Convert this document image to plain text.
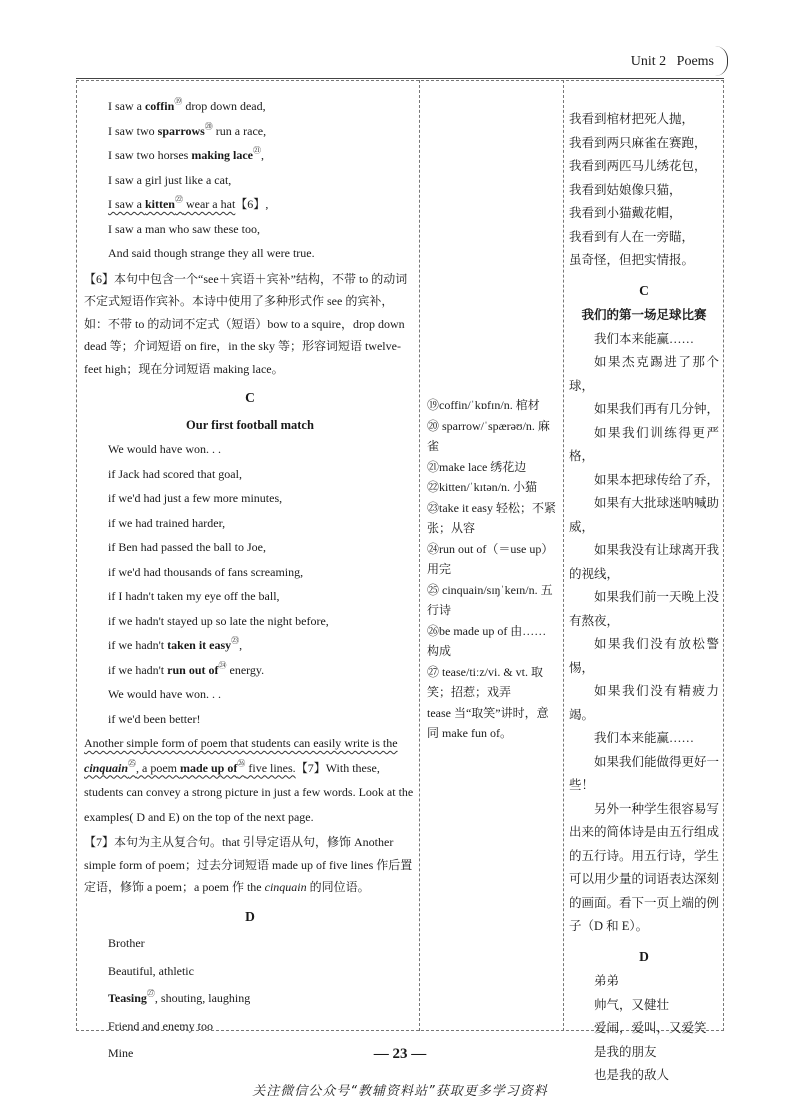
Unit 2 Poems
I saw a coffin⑲ drop down dead,
I saw two sparrows⑳ run a race,
I saw two horses making lace$^㉑$,
I saw a girl just like a cat,
I saw a kitten$^㉒$ wear a hat【6】,
I saw a man who saw these too,
And said though strange they all were true.
【6】本句中包含一个“see＋宾语＋宾补”结构，不带 to 的动词不定式短语作宾补。本诗中使用了多种形式作 see 的宾补，如：不带 to 的动词不定式（短语）bow to a squire，drop down dead 等；介词短语 on fire，in the sky 等；形容词短语 twelve-feet high；现在分词短语 making lace。
C
Our first football match
We would have won. . .
if Jack had scored that goal,
if we'd had just a few more minutes,
if we had trained harder,
if Ben had passed the ball to Joe,
if we'd had thousands of fans screaming,
if I hadn't taken my eye off the ball,
if we hadn't stayed up so late the night before,
if we hadn't taken it easy$^㉓$,
if we hadn't run out of$^㉔$ energy.
We would have won. . .
if we'd been better!
Another simple form of poem that students can easily write is the cinquain$^㉕$, a poem made up of$^㉖$ five lines.【7】With these, students can convey a strong picture in just a few words. Look at the examples( D and E) on the top of the next page.
【7】本句为主从复合句。that 引导定语从句，修饰 Another simple form of poem；过去分词短语 made up of five lines 作后置定语，修饰 a poem；a poem 作 the cinquain 的同位语。
D
Brother
Beautiful, athletic
Teasing$^㉗$, shouting, laughing
Friend and enemy too
Mine
⑲coffin/ˈkɒfɪn/n. 棺材
⑳ sparrow/ˈspærəʊ/n. 麻雀
㉑make lace 绣花边
㉒kitten/ˈkɪtən/n. 小猫
㉓take it easy 轻松；不紧张；从容
㉔run out of（＝use up）用完
㉕ cinquain/sɪŋˈkeɪn/n. 五行诗
㉖be made up of 由……构成
㉗ tease/tiːz/vi. & vt. 取笑；招惹；戏弄
tease 当“取笑”讲时，意同 make fun of。
我看到棺材把死人抛，
我看到两只麻雀在赛跑，
我看到两匹马儿绣花包，
我看到姑娘像只猫，
我看到小猫戴花帽，
我看到有人在一旁瞄，
虽奇怪，但把实情报。
C
我们的第一场足球比赛
我们本来能赢……
如果杰克踢进了那个球，
如果我们再有几分钟，
如果我们训练得更严格，
如果本把球传给了乔，
如果有大批球迷呐喊助威，
如果我没有让球离开我的视线，
如果我们前一天晚上没有熬夜，
如果我们没有放松警惕，
如果我们没有精疲力竭。
我们本来能赢……
如果我们能做得更好一些！
另外一种学生很容易写出来的简体诗是由五行组成的五行诗。用五行诗，学生可以用少量的词语表达深刻的画面。看下一页上端的例子（D 和 E）。
D
弟弟
帅气，又健壮
爱闹，爱叫，又爱笑
是我的朋友
也是我的敌人
— 23 —
关注微信公众号“教辅资料站”获取更多学习资料
